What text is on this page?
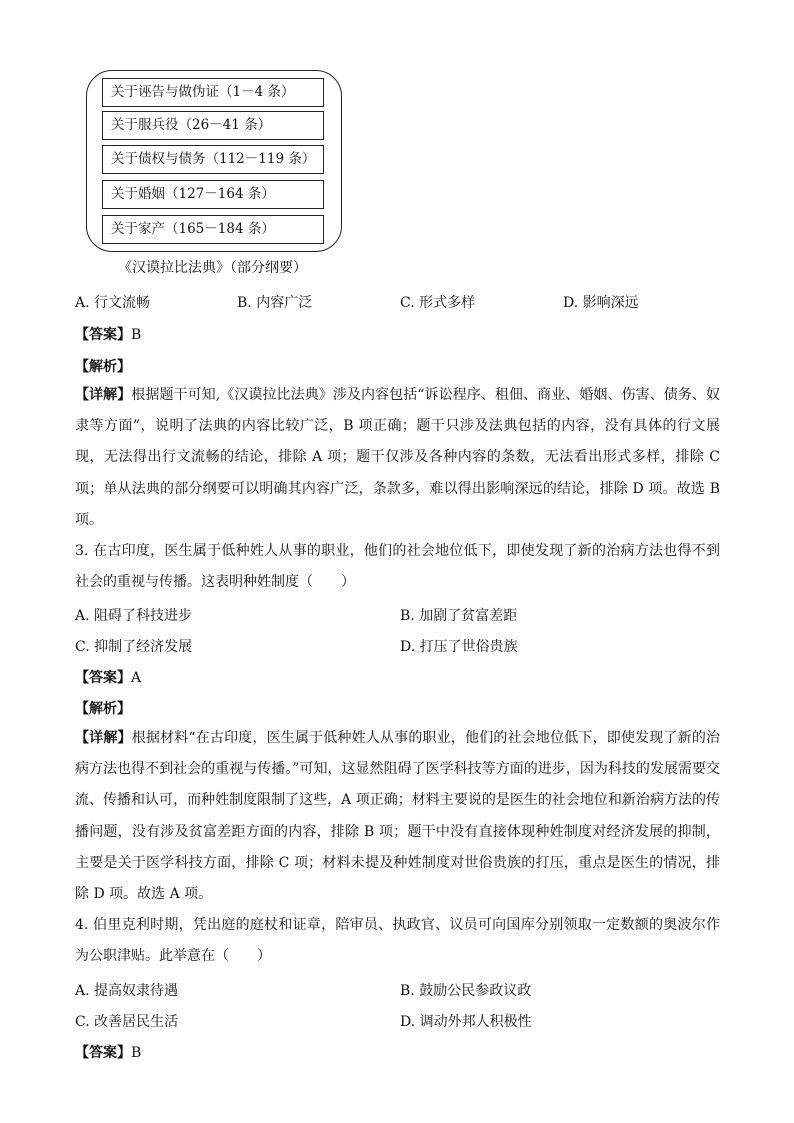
关于诬告与做伪证（1－4 条）
关于服兵役（26－41 条）
关于债权与债务（112－119 条）
关于婚姻（127－164 条）
关于家产（165－184 条）
《汉谟拉比法典》（部分纲要）
A. 行文流畅	B. 内容广泛	C. 形式多样	D. 影响深远
【答案】B
【解析】

【详解】根据题干可知,《汉谟拉比法典》涉及内容包括“诉讼程序、租佃、商业、婚姻、伤害、债务、奴隶等方面”，说明了法典的内容比较广泛，B 项正确；题干只涉及法典包括的内容，没有具体的行文展现，无法得出行文流畅的结论，排除 A 项；题干仅涉及各种内容的条数，无法看出形式多样，排除 C 项；单从法典的部分纲要可以明确其内容广泛，条款多，难以得出影响深远的结论，排除 D 项。故选 B 项。

3. 在古印度，医生属于低种姓人从事的职业，他们的社会地位低下，即使发现了新的治病方法也得不到社会的重视与传播。这表明种姓制度（　　）

A. 阻碍了科技进步	B. 加剧了贫富差距
C. 抑制了经济发展	D. 打压了世俗贵族
【答案】A
【解析】

【详解】根据材料“在古印度，医生属于低种姓人从事的职业，他们的社会地位低下，即使发现了新的治病方法也得不到社会的重视与传播。”可知，这显然阻碍了医学科技等方面的进步，因为科技的发展需要交流、传播和认可，而种姓制度限制了这些，A 项正确；材料主要说的是医生的社会地位和新治病方法的传播问题，没有涉及贫富差距方面的内容，排除 B 项；题干中没有直接体现种姓制度对经济发展的抑制，主要是关于医学科技方面，排除 C 项；材料未提及种姓制度对世俗贵族的打压，重点是医生的情况，排除 D 项。故选 A 项。

4. 伯里克利时期，凭出庭的庭杖和证章，陪审员、执政官、议员可向国库分别领取一定数额的奥波尔作为公职津贴。此举意在（　　）

A. 提高奴隶待遇	B. 鼓励公民参政议政
C. 改善居民生活	D. 调动外邦人积极性
【答案】B
